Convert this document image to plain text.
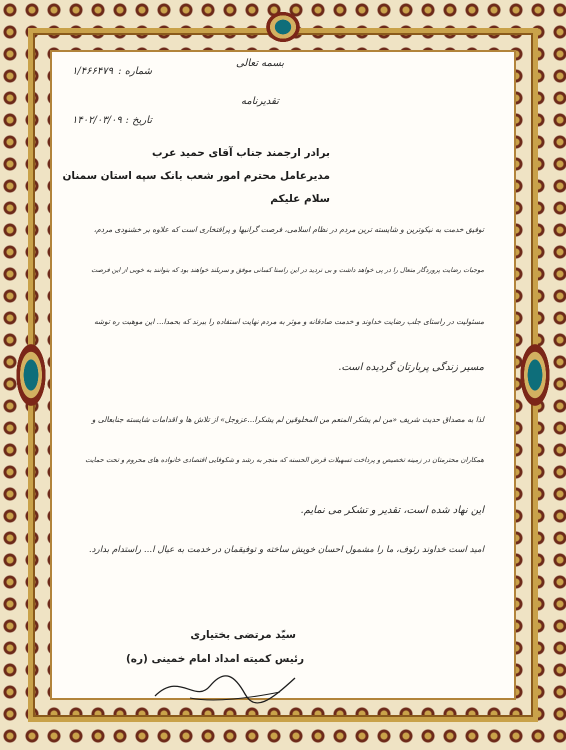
بسمه تعالی
تقدیرنامه
شماره :
۱/۴۶۶۴۷۹
تاریخ :
۱۴۰۲/۰۳/۰۹
برادر ارجمند جناب آقای حمید عرب
مدیرعامل محترم امور شعب بانک سپه استان سمنان
سلام علیکم
توفیق خدمت به نیکوترین و شایسته ترین مردم در نظام اسلامی، فرصت گرانبها و پرافتخاری است که علاوه بر خشنودی مردم،
موجبات رضایت پروردگار متعال را در پی خواهد داشت و بی تردید در این راستا کسانی موفق و سربلند خواهند بود که بتوانند به خوبی از این فرصت
مسئولیت در راستای جلب رضایت خداوند و خدمت صادقانه و موثر به مردم نهایت استفاده را ببرند که بحمدا... این موهبت ره توشه
مسیر زندگی پربارتان گردیده است.
لذا به مصداق حدیث شریف «من لم یشکر المنعم من المخلوقین لم یشکرا...عزوجل» از تلاش ها و اقدامات شایسته جنابعالی و
همکاران محترمتان در زمینه تخصیص و پرداخت تسهیلات قرض الحسنه که منجر به رشد و شکوفایی اقتصادی خانواده های محروم و تحت حمایت
این نهاد شده است، تقدیر و تشکر می نمایم.
امید است خداوند رئوف، ما را مشمول احسان خویش ساخته و توفیقمان در خدمت به عیال ا... راستدام بدارد.
سیّد مرتضی بختیاری
رئیس کمیته امداد امام خمینی (ره)
